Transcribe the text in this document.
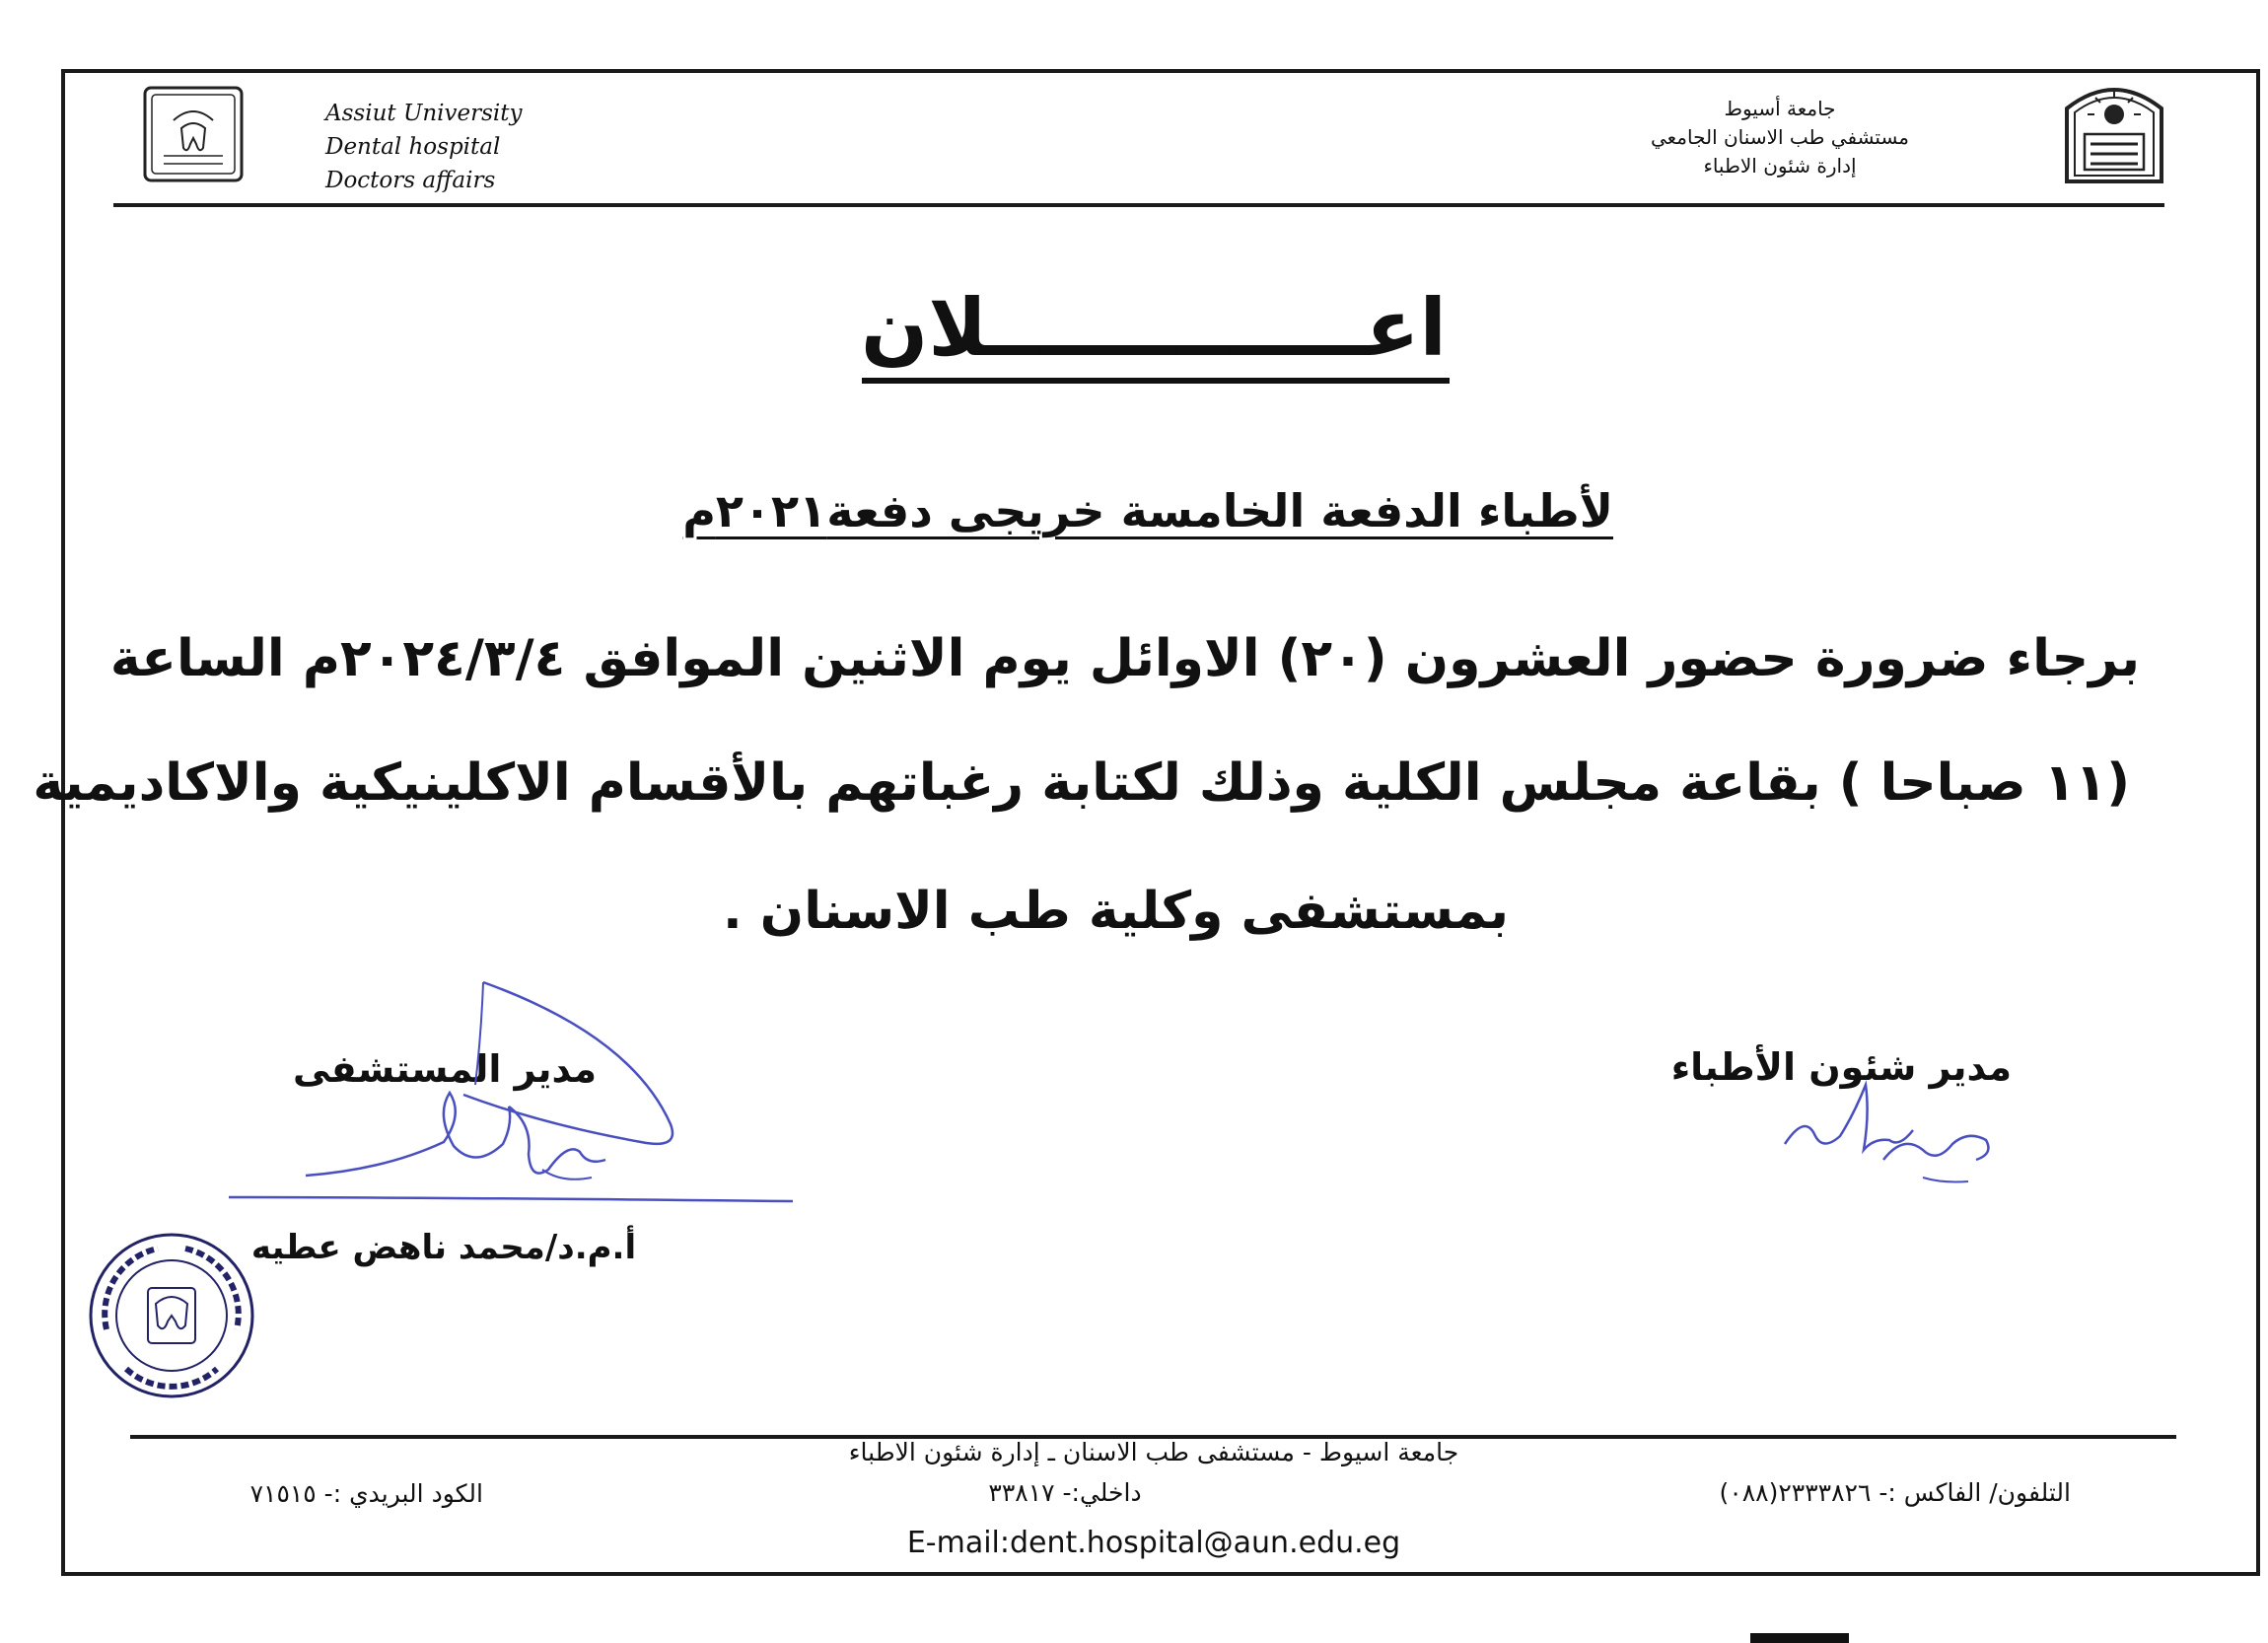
Assiut University
Dental hospital
Doctors affairs
جامعة أسيوط
مستشفي طب الاسنان الجامعي
إدارة شئون الاطباء
اعــــــــــــــلان
لأطباء الدفعة الخامسة خريجى دفعة٢٠٢١م
برجاء ضرورة حضور العشرون (٢٠) الاوائل يوم الاثنين الموافق ٢٠٢٤/٣/٤م الساعة
(١١ صباحا ) بقاعة مجلس الكلية وذلك لكتابة رغباتهم بالأقسام الاكلينيكية والاكاديمية
بمستشفى وكلية طب الاسنان .
مدير المستشفى
أ.م.د/محمد ناهض عطيه
مدير شئون الأطباء
جامعة اسيوط - مستشفى طب الاسنان ـ إدارة شئون الاطباء
داخلي:- ٣٣٨١٧	التلفون/ الفاكس :- ٢٣٣٣٨٢٦(٠٨٨)
الكود البريدي :- ٧١٥١٥
E-mail:dent.hospital@aun.edu.eg
